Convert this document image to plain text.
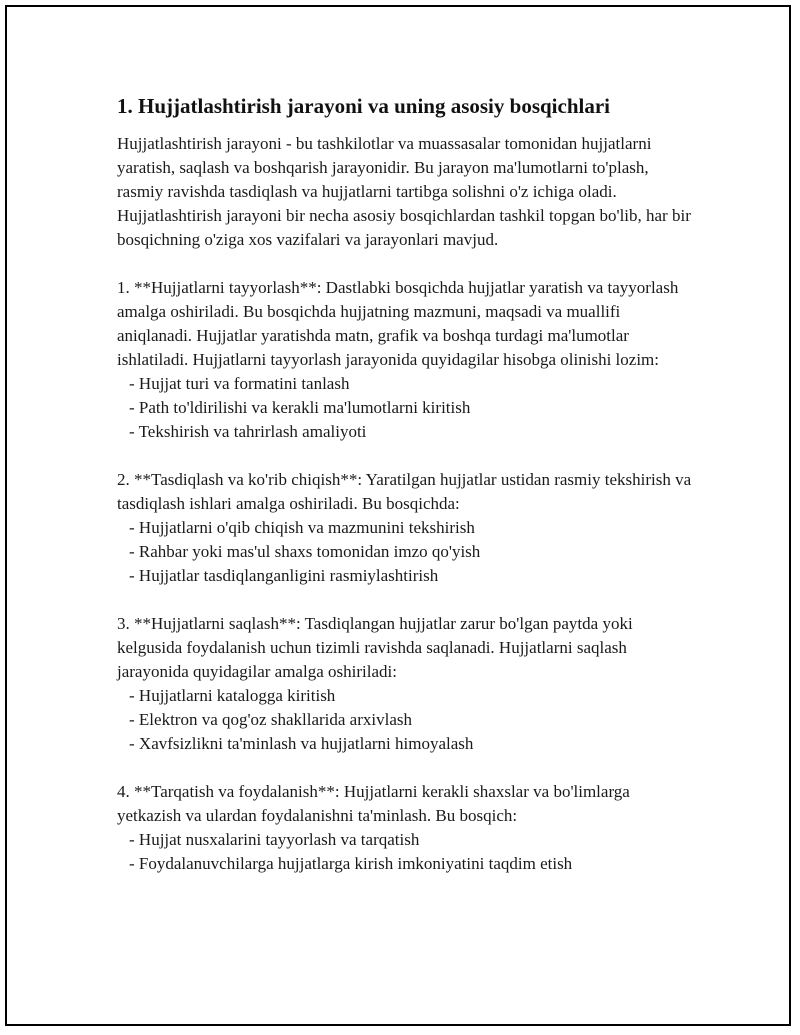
1. Hujjatlashtirish jarayoni va uning asosiy bosqichlari

Hujjatlashtirish jarayoni - bu tashkilotlar va muassasalar tomonidan hujjatlarni yaratish, saqlash va boshqarish jarayonidir. Bu jarayon ma'lumotlarni to'plash, rasmiy ravishda tasdiqlash va hujjatlarni tartibga solishni o'z ichiga oladi. Hujjatlashtirish jarayoni bir necha asosiy bosqichlardan tashkil topgan bo'lib, har bir bosqichning o'ziga xos vazifalari va jarayonlari mavjud.

1. **Hujjatlarni tayyorlash**: Dastlabki bosqichda hujjatlar yaratish va tayyorlash amalga oshiriladi. Bu bosqichda hujjatning mazmuni, maqsadi va muallifi aniqlanadi. Hujjatlar yaratishda matn, grafik va boshqa turdagi ma'lumotlar ishlatiladi. Hujjatlarni tayyorlash jarayonida quyidagilar hisobga olinishi lozim:

- Hujjat turi va formatini tanlash

- Path to'ldirilishi va kerakli ma'lumotlarni kiritish

- Tekshirish va tahrirlash amaliyoti

2. **Tasdiqlash va ko'rib chiqish**: Yaratilgan hujjatlar ustidan rasmiy tekshirish va tasdiqlash ishlari amalga oshiriladi. Bu bosqichda:

- Hujjatlarni o'qib chiqish va mazmunini tekshirish

- Rahbar yoki mas'ul shaxs tomonidan imzo qo'yish

- Hujjatlar tasdiqlanganligini rasmiylashtirish

3. **Hujjatlarni saqlash**: Tasdiqlangan hujjatlar zarur bo'lgan paytda yoki kelgusida foydalanish uchun tizimli ravishda saqlanadi. Hujjatlarni saqlash jarayonida quyidagilar amalga oshiriladi:

- Hujjatlarni katalogga kiritish

- Elektron va qog'oz shakllarida arxivlash

- Xavfsizlikni ta'minlash va hujjatlarni himoyalash

4. **Tarqatish va foydalanish**: Hujjatlarni kerakli shaxslar va bo'limlarga yetkazish va ulardan foydalanishni ta'minlash. Bu bosqich:

- Hujjat nusxalarini tayyorlash va tarqatish

- Foydalanuvchilarga hujjatlarga kirish imkoniyatini taqdim etish
